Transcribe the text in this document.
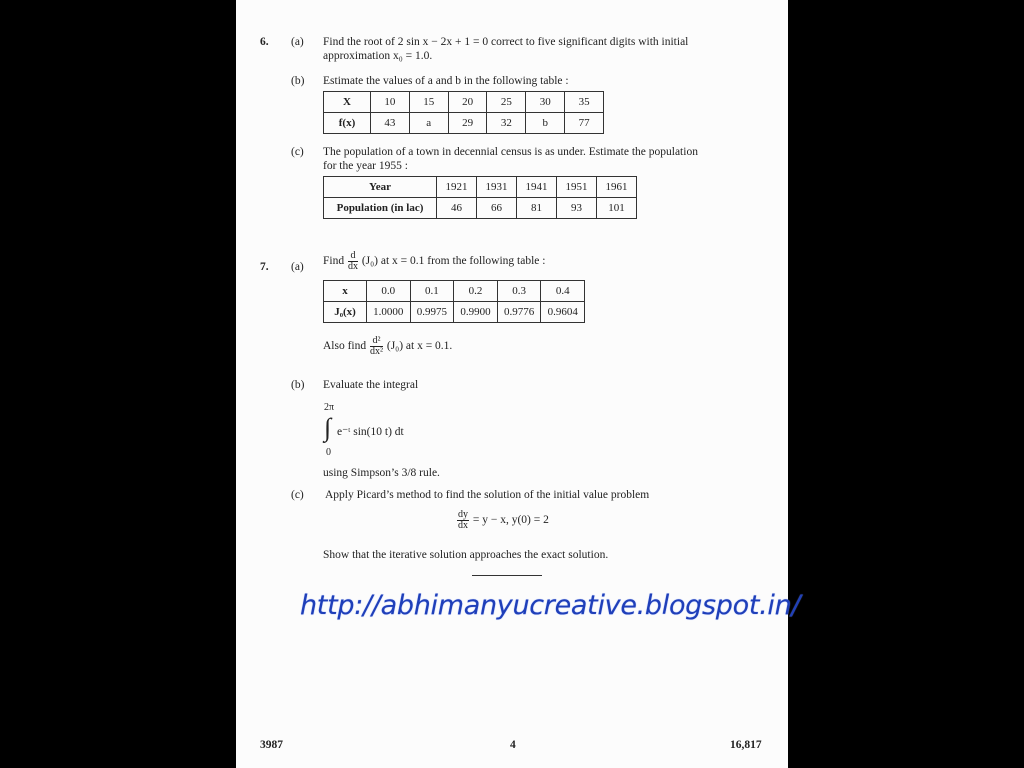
6. (a) Find the root of 2 sin x − 2x + 1 = 0 correct to five significant digits with initial
approximation x₀ = 1.0.
(b) Estimate the values of a and b in the following table :
X	10	15	20	25	30	35
f(x)	43	a	29	32	b	77
(c) The population of a town in decennial census is as under. Estimate the population
for the year 1955 :
Year	1921	1931	1941	1951	1961
Population (in lac)	46	66	81	93	101
7. (a) Find $\frac{d}{dx} (J_0)$ at x = 0.1 from the following table :
x	0.0	0.1	0.2	0.3	0.4
J₀(x)	1.0000	0.9975	0.9900	0.9776	0.9604
Also find $\frac{\text{d²}}{\text{dx²}} (J_0)$ at x = 0.1.
(b) Evaluate the integral
2π
∫ e⁻ᵗ sin(10 t) dt
0
using Simpson’s 3/8 rule.
(c) Apply Picard’s method to find the solution of the initial value problem
$\frac{dy}{dx} = y - x$, y(0) = 2
Show that the iterative solution approaches the exact solution.
http://abhimanyucreative.blogspot.in/
3987	4	16,817
